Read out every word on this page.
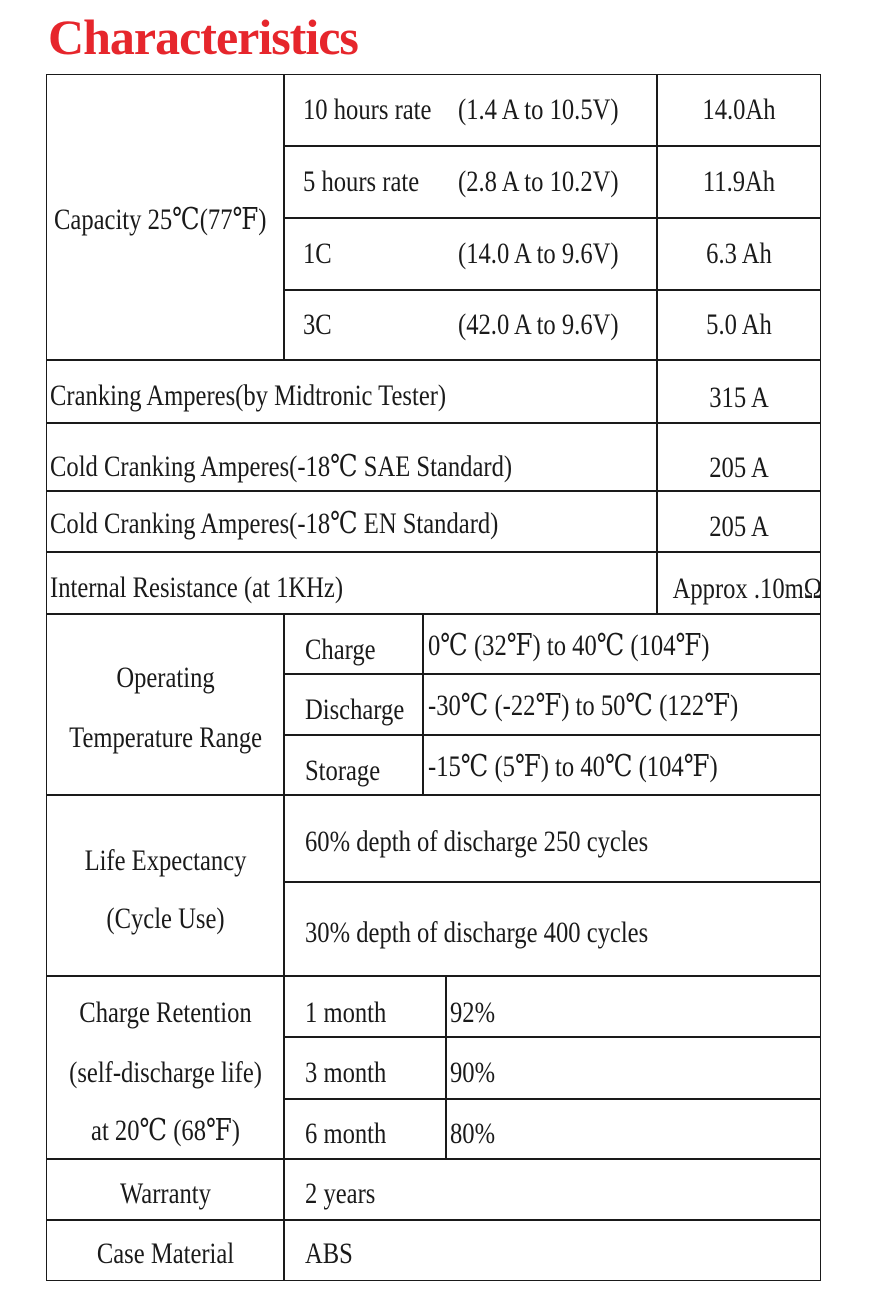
Characteristics
Capacity 25℃(77℉)
10 hours rate (1.4 A to 10.5V)	14.0Ah
5 hours rate (2.8 A to 10.2V)	11.9Ah
1C	(14.0 A to 9.6V)	6.3 Ah
3C	(42.0 A to 9.6V)	5.0 Ah
Cranking Amperes(by Midtronic Tester)	315 A
Cold Cranking Amperes(-18℃ SAE Standard)	205 A
Cold Cranking Amperes(-18℃ EN Standard)	205 A
Internal Resistance (at 1KHz)	Approx .10mΩ
Operating
Temperature Range
Charge 0℃ (32℉) to 40℃ (104℉)
Discharge -30℃ (-22℉) to 50℃ (122℉)
Storage -15℃ (5℉) to 40℃ (104℉)
Life Expectancy
(Cycle Use)
60% depth of discharge 250 cycles
30% depth of discharge 400 cycles
Charge Retention
(self-discharge life)
at 20℃ (68℉)
1 month 92%
3 month 90%
6 month 80%
Warranty	2 years
Case Material	ABS
